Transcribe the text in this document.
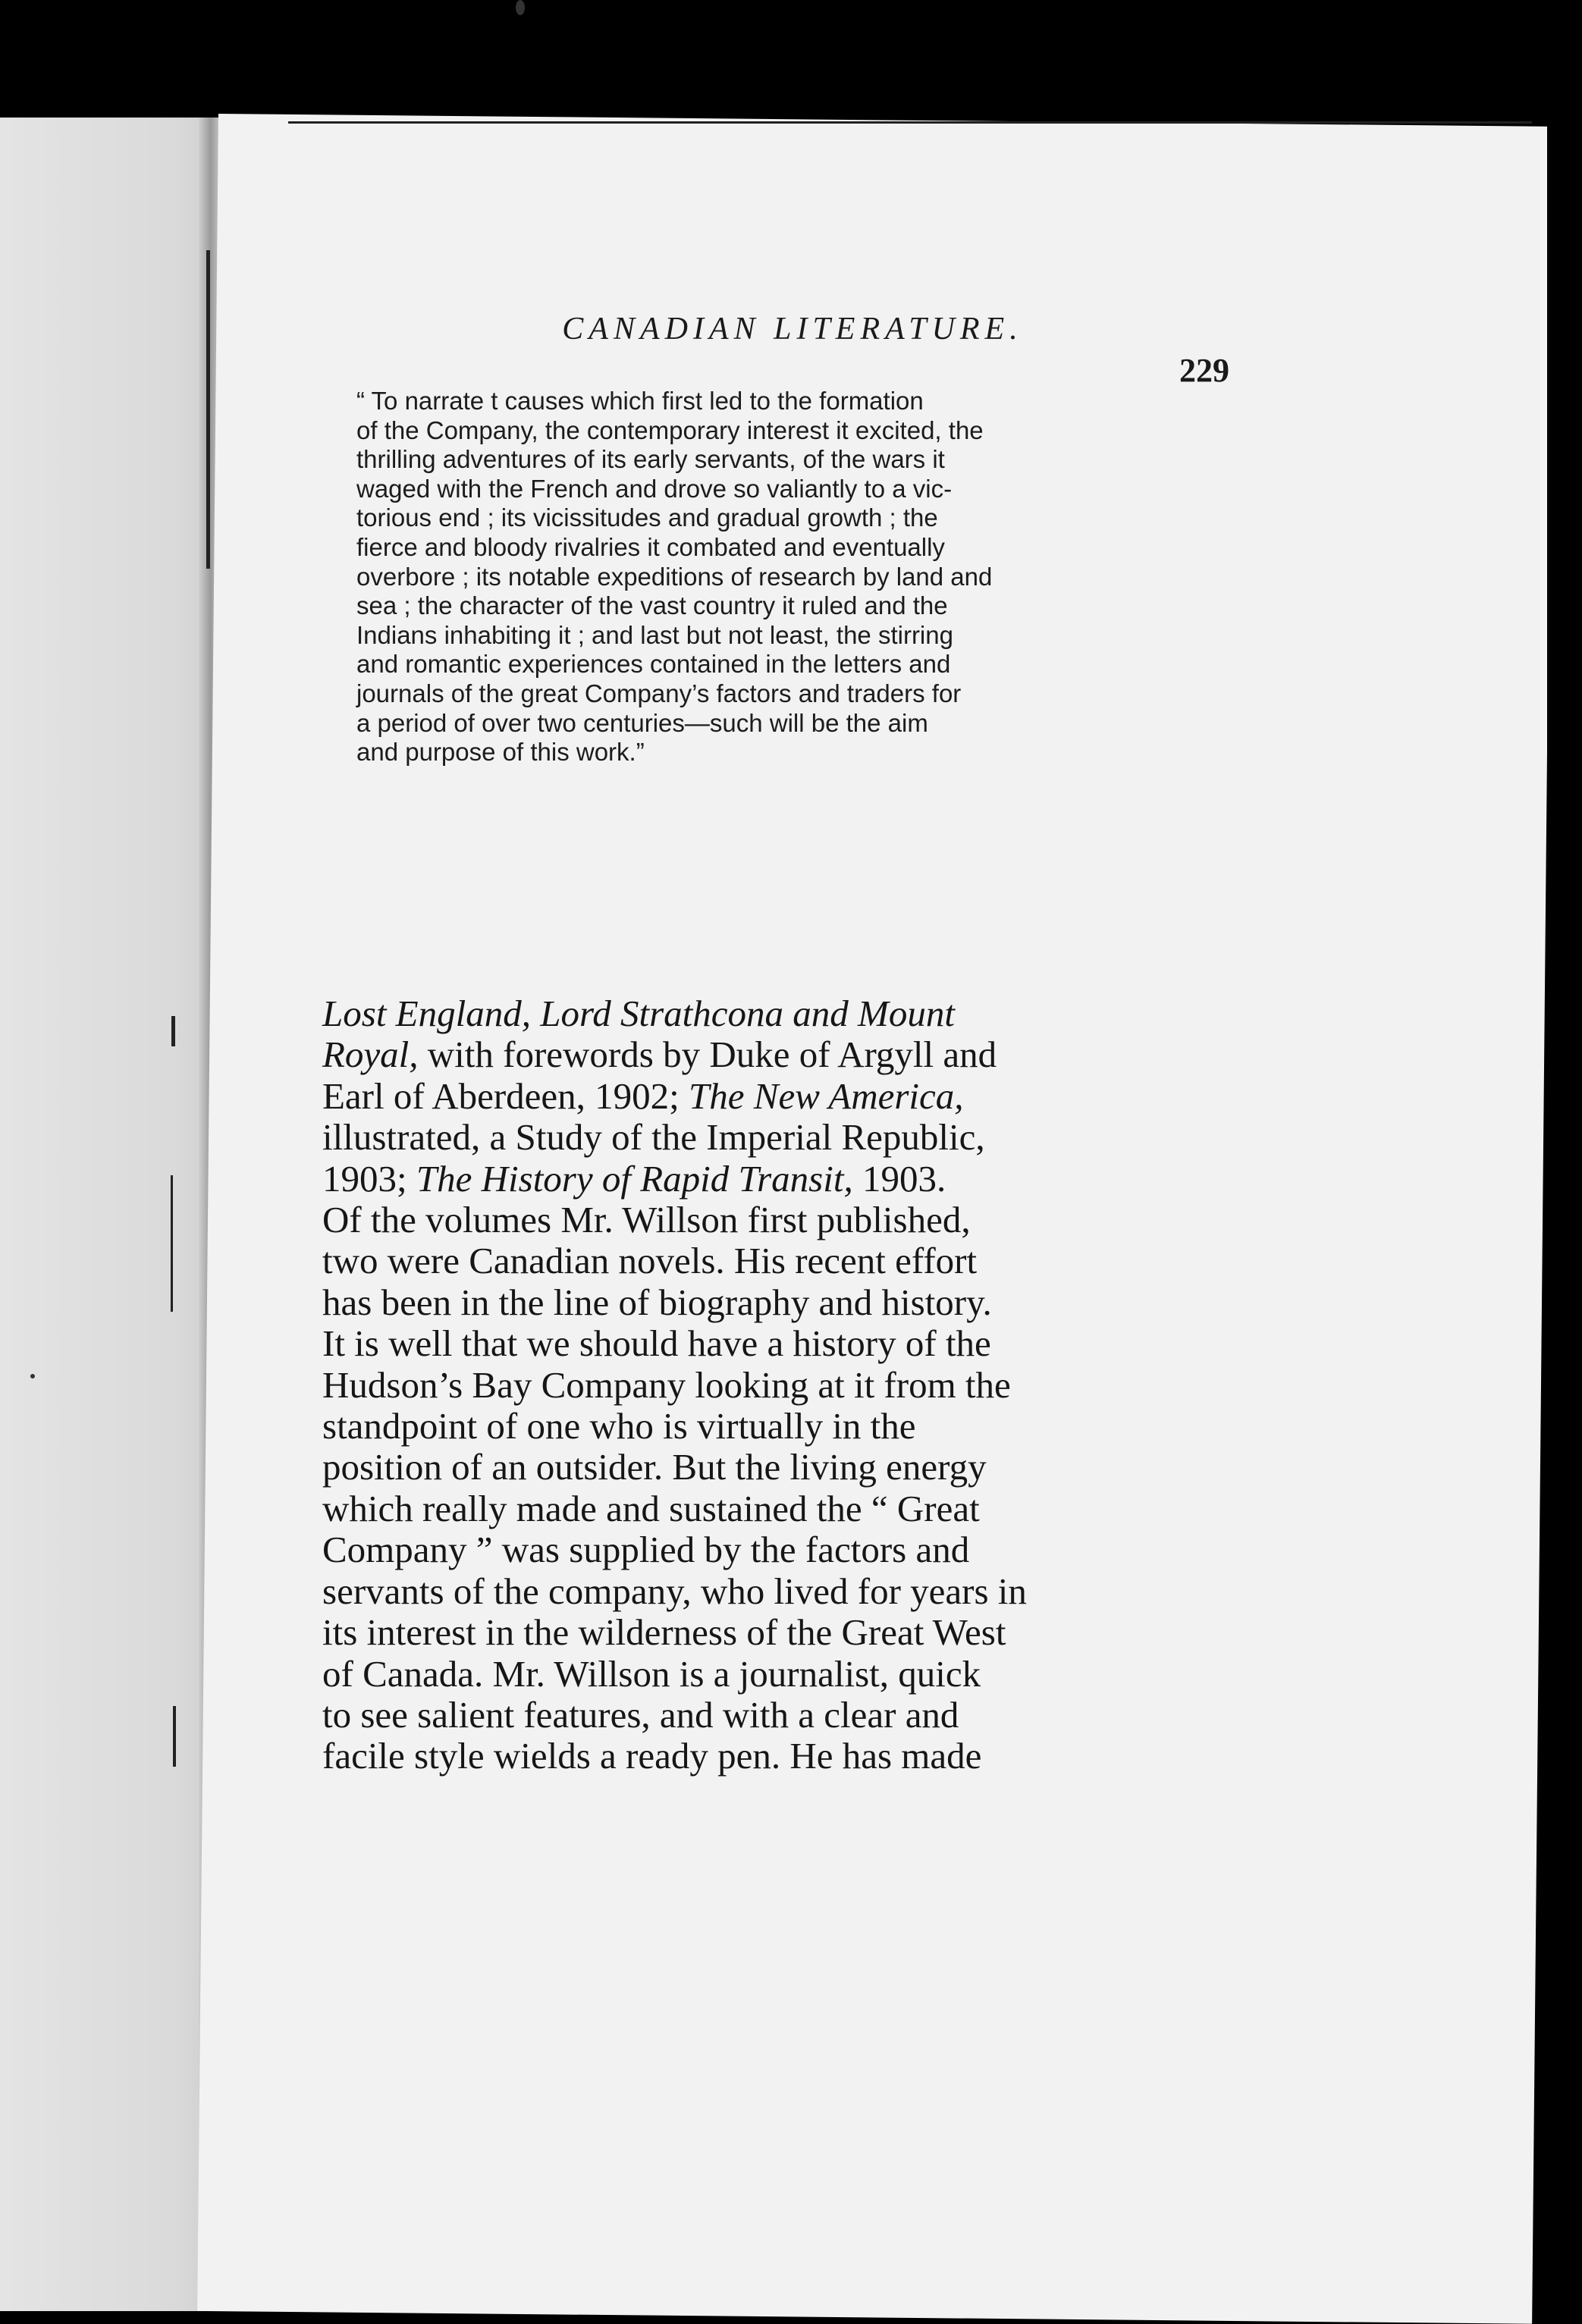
CANADIAN LITERATURE.
229
“ To narrate t causes which first led to the formation
of the Company, the contemporary interest it excited, the
thrilling adventures of its early servants, of the wars it
waged with the French and drove so valiantly to a vic-
torious end ; its vicissitudes and gradual growth ; the
fierce and bloody rivalries it combated and eventually
overbore ; its notable expeditions of research by land and
sea ; the character of the vast country it ruled and the
Indians inhabiting it ; and last but not least, the stirring
and romantic experiences contained in the letters and
journals of the great Company’s factors and traders for
a period of over two centuries—such will be the aim
and purpose of this work.”
Lost England, Lord Strathcona and Mount
Royal, with forewords by Duke of Argyll and
Earl of Aberdeen, 1902; The New America,
illustrated, a Study of the Imperial Republic,
1903; The History of Rapid Transit, 1903.
Of the volumes Mr. Willson first published,
two were Canadian novels. His recent effort
has been in the line of biography and history.
It is well that we should have a history of the
Hudson’s Bay Company looking at it from the
standpoint of one who is virtually in the
position of an outsider. But the living energy
which really made and sustained the “ Great
Company ” was supplied by the factors and
servants of the company, who lived for years in
its interest in the wilderness of the Great West
of Canada. Mr. Willson is a journalist, quick
to see salient features, and with a clear and
facile style wields a ready pen. He has made
